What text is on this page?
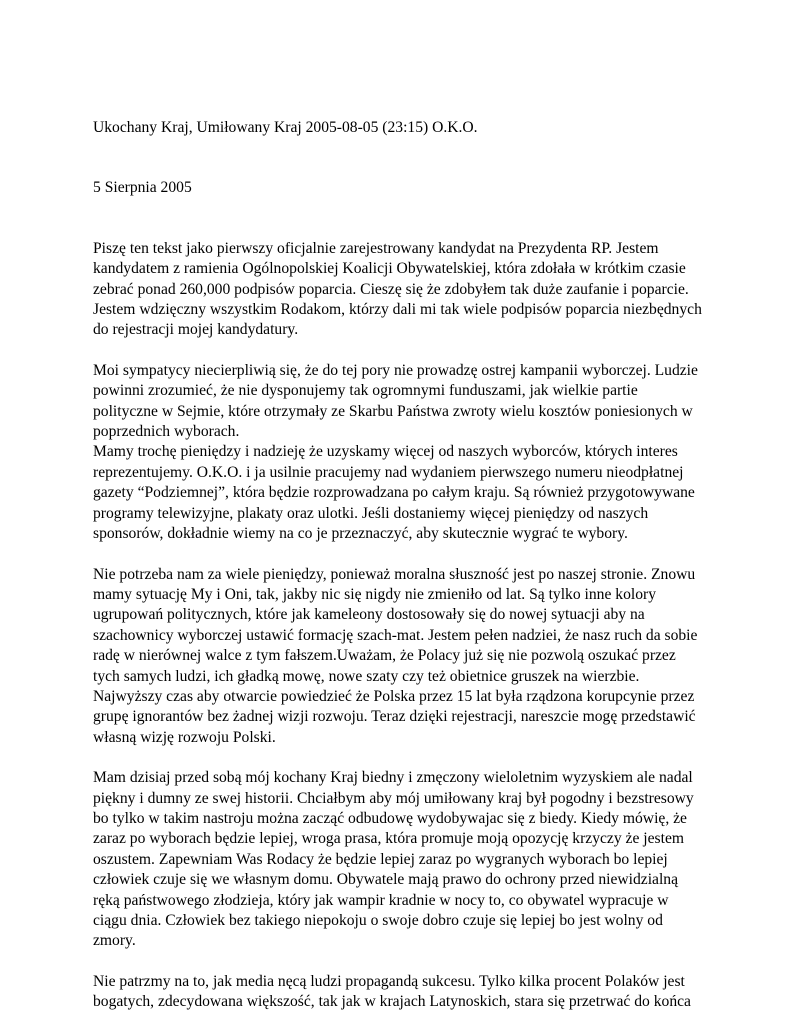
Ukochany Kraj, Umiłowany Kraj 2005-08-05 (23:15) O.K.O.

5 Sierpnia 2005

Piszę ten tekst jako pierwszy oficjalnie zarejestrowany kandydat na Prezydenta RP. Jestem
kandydatem z ramienia Ogólnopolskiej Koalicji Obywatelskiej, która zdołała w krótkim czasie
zebrać ponad 260,000 podpisów poparcia. Cieszę się że zdobyłem tak duże zaufanie i poparcie.
Jestem wdzięczny wszystkim Rodakom, którzy dali mi tak wiele podpisów poparcia niezbędnych
do rejestracji mojej kandydatury.

Moi sympatycy niecierpliwią się, że do tej pory nie prowadzę ostrej kampanii wyborczej. Ludzie
powinni zrozumieć, że nie dysponujemy tak ogromnymi funduszami, jak wielkie partie
polityczne w Sejmie, które otrzymały ze Skarbu Państwa zwroty wielu kosztów poniesionych w
poprzednich wyborach.
Mamy trochę pieniędzy i nadzieję że uzyskamy więcej od naszych wyborców, których interes
reprezentujemy. O.K.O. i ja usilnie pracujemy nad wydaniem pierwszego numeru nieodpłatnej
gazety “Podziemnej”, która będzie rozprowadzana po całym kraju. Są również przygotowywane
programy telewizyjne, plakaty oraz ulotki. Jeśli dostaniemy więcej pieniędzy od naszych
sponsorów, dokładnie wiemy na co je przeznaczyć, aby skutecznie wygrać te wybory.

Nie potrzeba nam za wiele pieniędzy, ponieważ moralna słuszność jest po naszej stronie. Znowu
mamy sytuację My i Oni, tak, jakby nic się nigdy nie zmieniło od lat. Są tylko inne kolory
ugrupowań politycznych, które jak kameleony dostosowały się do nowej sytuacji aby na
szachownicy wyborczej ustawić formację szach-mat. Jestem pełen nadziei, że nasz ruch da sobie
radę w nierównej walce z tym fałszem.Uważam, że Polacy już się nie pozwolą oszukać przez
tych samych ludzi, ich gładką mowę, nowe szaty czy też obietnice gruszek na wierzbie.
Najwyższy czas aby otwarcie powiedzieć że Polska przez 15 lat była rządzona korupcynie przez
grupę ignorantów bez żadnej wizji rozwoju. Teraz dzięki rejestracji, nareszcie mogę przedstawić
własną wizję rozwoju Polski.

Mam dzisiaj przed sobą mój kochany Kraj biedny i zmęczony wieloletnim wyzyskiem ale nadal
piękny i dumny ze swej historii. Chciałbym aby mój umiłowany kraj był pogodny i bezstresowy
bo tylko w takim nastroju można zacząć odbudowę wydobywajac się z biedy. Kiedy mówię, że
zaraz po wyborach będzie lepiej, wroga prasa, która promuje moją opozycję krzyczy że jestem
oszustem. Zapewniam Was Rodacy że będzie lepiej zaraz po wygranych wyborach bo lepiej
człowiek czuje się we własnym domu. Obywatele mają prawo do ochrony przed niewidzialną
ręką państwowego złodzieja, który jak wampir kradnie w nocy to, co obywatel wypracuje w
ciągu dnia. Człowiek bez takiego niepokoju o swoje dobro czuje się lepiej bo jest wolny od
zmory.

Nie patrzmy na to, jak media nęcą ludzi propagandą sukcesu. Tylko kilka procent Polaków jest
bogatych, zdecydowana większość, tak jak w krajach Latynoskich, stara się przetrwać do końca
